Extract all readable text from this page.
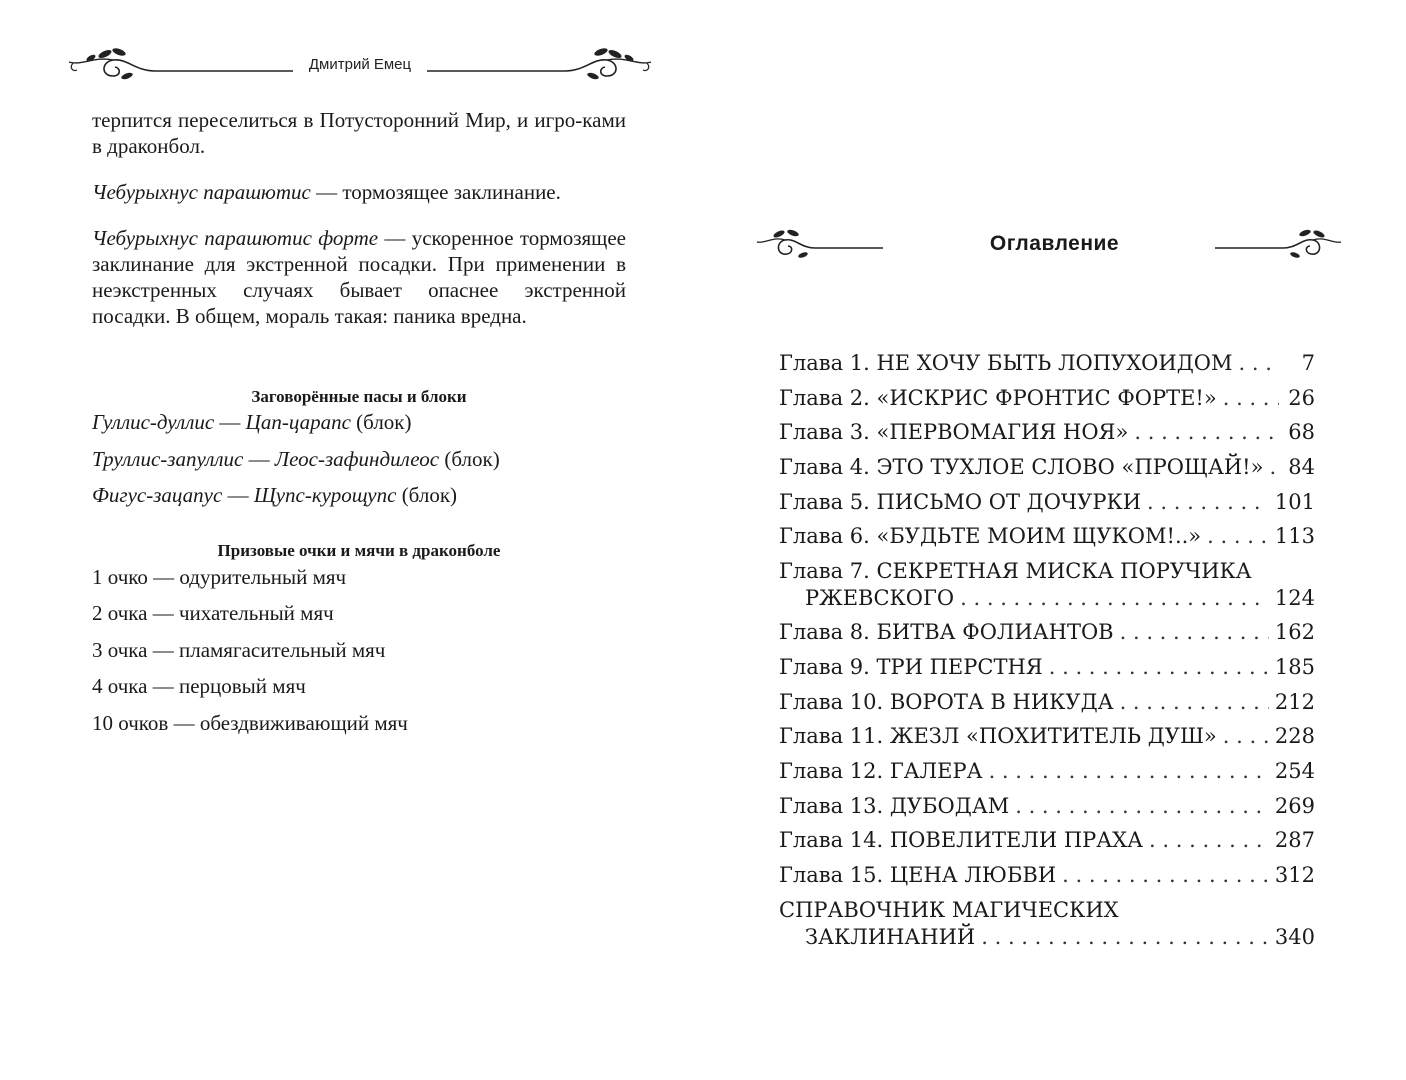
Дмитрий Емец

терпится переселиться в Потусторонний Мир, и игро-ками в драконбол.

Чебурыхнус парашютис — тормозящее заклинание.

Чебурыхнус парашютис форте — ускоренное тормозящее заклинание для экстренной посадки. При применении в неэкстренных случаях бывает опаснее экстренной посадки. В общем, мораль такая: паника вредна.

Заговорённые пасы и блоки
Гуллис-дуллис — Цап-царапс (блок)
Труллис-запуллис — Леос-зафиндилеос (блок)
Фигус-зацапус — Щупс-курощупс (блок)
Призовые очки и мячи в драконболе
1 очко — одурительный мяч
2 очка — чихательный мяч
3 очка — пламягасительный мяч
4 очка — перцовый мяч
10 очков — обездвиживающий мяч
Оглавление
Глава 1. НЕ ХОЧУ БЫТЬ ЛОПУХОИДОМ . . .	7
Глава 2. «ИСКРИС ФРОНТИС ФОРТЕ!» . . .	26
Глава 3. «ПЕРВОМАГИЯ НОЯ» . . .	68
Глава 4. ЭТО ТУХЛОЕ СЛОВО «ПРОЩАЙ!» . . . 84
Глава 5. ПИСЬМО ОТ ДОЧУРКИ . . .	101
Глава 6. «БУДЬТЕ МОИМ ЩУКОМ!..» . . .	113
Глава 7. СЕКРЕТНАЯ МИСКА ПОРУЧИКА
РЖЕВСКОГО . . .	124
Глава 8. БИТВА ФОЛИАНТОВ . . .	162
Глава 9. ТРИ ПЕРСТНЯ . . .	185
Глава 10. ВОРОТА В НИКУДА . . .	212
Глава 11. ЖЕЗЛ «ПОХИТИТЕЛЬ ДУШ» . . .	228
Глава 12. ГАЛЕРА . . .	254
Глава 13. ДУБОДАМ . . .	269
Глава 14. ПОВЕЛИТЕЛИ ПРАХА . . .	287
Глава 15. ЦЕНА ЛЮБВИ . . .	312
СПРАВОЧНИК МАГИЧЕСКИХ
ЗАКЛИНАНИЙ . . .	340
